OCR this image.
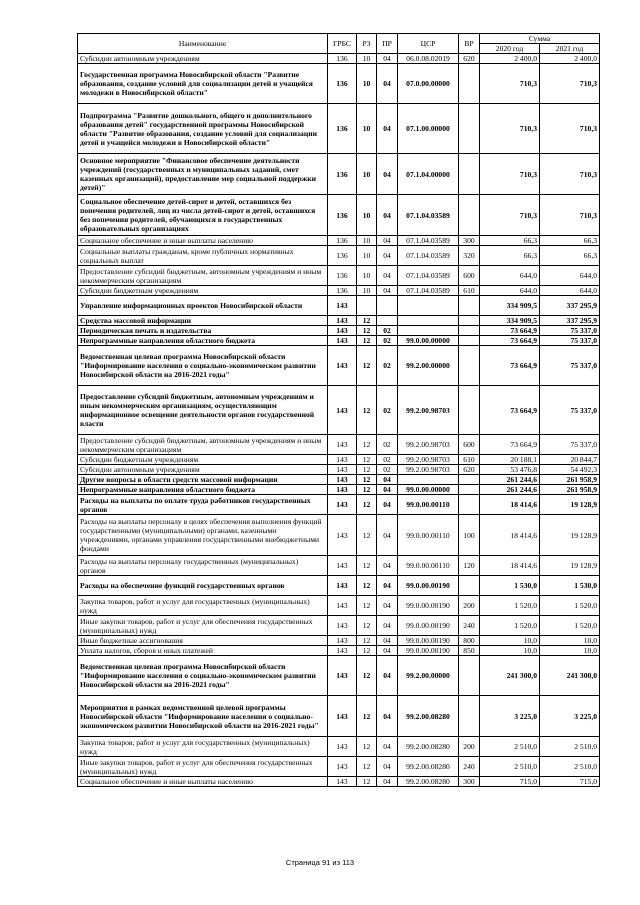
Наименование	ГРБС	РЗ	ПР	ЦСР	ВР	Сумма	
						2020 год	2021 год
Субсидии автономным учреждениям	136	10	04	06.0.08.02019	620	2 400,0	2 400,0
Государственная программа Новосибирской области "Развитие образования, создание условий для социализации детей и учащейся молодежи в Новосибирской области"	136	10	04	07.0.00.00000		710,3	710,3
Подпрограмма "Развитие дошкольного, общего и дополнительного образования детей" государственной программы Новосибирской области "Развитие образования, создание условий для социализации детей и учащейся молодежи в Новосибирской области"	136	10	04	07.1.00.00000		710,3	710,3
Основное мероприятие "Финансовое обеспечение деятельности учреждений (государственных и муниципальных заданий, смет казенных организаций), предоставление мер социальной поддержки детей)"	136	10	04	07.1.04.00000		710,3	710,3
Социальное обеспечение детей-сирот и детей, оставшихся без попечения родителей, лиц из числа детей-сирот и детей, оставшихся без попечения родителей, обучающихся в государственных образовательных организациях	136	10	04	07.1.04.03589		710,3	710,3
Социальное обеспечение и иные выплаты населению	136	10	04	07.1.04.03589	300	66,3	66,3
Социальные выплаты гражданам, кроме публичных нормативных социальных выплат	136	10	04	07.1.04.03589	320	66,3	66,3
Предоставление субсидий бюджетным, автономным учреждениям и иным некоммерческим организациям	136	10	04	07.1.04.03589	600	644,0	644,0
Субсидии бюджетным учреждениям	136	10	04	07.1.04.03589	610	644,0	644,0
Управление информационных проектов Новосибирской области	143					334 909,5	337 295,9
Средства массовой информации	143	12				334 909,5	337 295,9
Периодическая печать и издательства	143	12	02			73 664,9	75 337,0
Непрограммные направления областного бюджета	143	12	02	99.0.00.00000		73 664,9	75 337,0
Ведомственная целевая программа Новосибирской области "Информирование населения о социально-экономическом развитии Новосибирской области на 2016-2021 годы"	143	12	02	99.2.00.00000		73 664,9	75 337,0
Предоставление субсидий бюджетным, автономным учреждениям и иным некоммерческим организациям, осуществляющим информационное освещение деятельности органов государственной власти	143	12	02	99.2.00.98703		73 664,9	75 337,0
Предоставление субсидий бюджетным, автономным учреждениям и иным некоммерческим организациям	143	12	02	99.2.00.98703	600	73 664,9	75 337,0
Субсидии бюджетным учреждениям	143	12	02	99.2.00.98703	610	20 188,1	20 844,7
Субсидии автономным учреждениям	143	12	02	99.2.00.98703	620	53 476,8	54 492,3
Другие вопросы в области средств массовой информации	143	12	04			261 244,6	261 958,9
Непрограммные направления областного бюджета	143	12	04	99.0.00.00000		261 244,6	261 958,9
Расходы на выплаты по оплате труда работников государственных органов	143	12	04	99.0.00.00110		18 414,6	19 128,9
Расходы на выплаты персоналу в целях обеспечения выполнения функций государственными (муниципальными) органами, казенными учреждениями, органами управления государственными внебюджетными фондами	143	12	04	99.0.00.00110	100	18 414,6	19 128,9
Расходы на выплаты персоналу государственных (муниципальных) органов	143	12	04	99.0.00.00110	120	18 414,6	19 128,9
Расходы на обеспечение функций государственных органов	143	12	04	99.0.00.00190		1 530,0	1 530,0
Закупка товаров, работ и услуг для государственных (муниципальных) нужд	143	12	04	99.0.00.00190	200	1 520,0	1 520,0
Иные закупки товаров, работ и услуг для обеспечения государственных (муниципальных) нужд	143	12	04	99.0.00.00190	240	1 520,0	1 520,0
Иные бюджетные ассигнования	143	12	04	99.0.00.00190	800	10,0	10,0
Уплата налогов, сборов и иных платежей	143	12	04	99.0.00.00190	850	10,0	10,0
Ведомственная целевая программа Новосибирской области "Информирование населения о социально-экономическом развитии Новосибирской области на 2016-2021 годы"	143	12	04	99.2.00.00000		241 300,0	241 300,0
Мероприятия в рамках ведомственной целевой программы Новосибирской области "Информирование населения о социально-экономическом развитии Новосибирской области на 2016-2021 годы"	143	12	04	99.2.00.08280		3 225,0	3 225,0
Закупка товаров, работ и услуг для государственных (муниципальных) нужд	143	12	04	99.2.00.08280	200	2 510,0	2 510,0
Иные закупки товаров, работ и услуг для обеспечения государственных (муниципальных) нужд	143	12	04	99.2.00.08280	240	2 510,0	2 510,0
Социальное обеспечение и иные выплаты населению	143	12	04	99.2.00.08280	300	715,0	715,0
Страница 91 из 113
